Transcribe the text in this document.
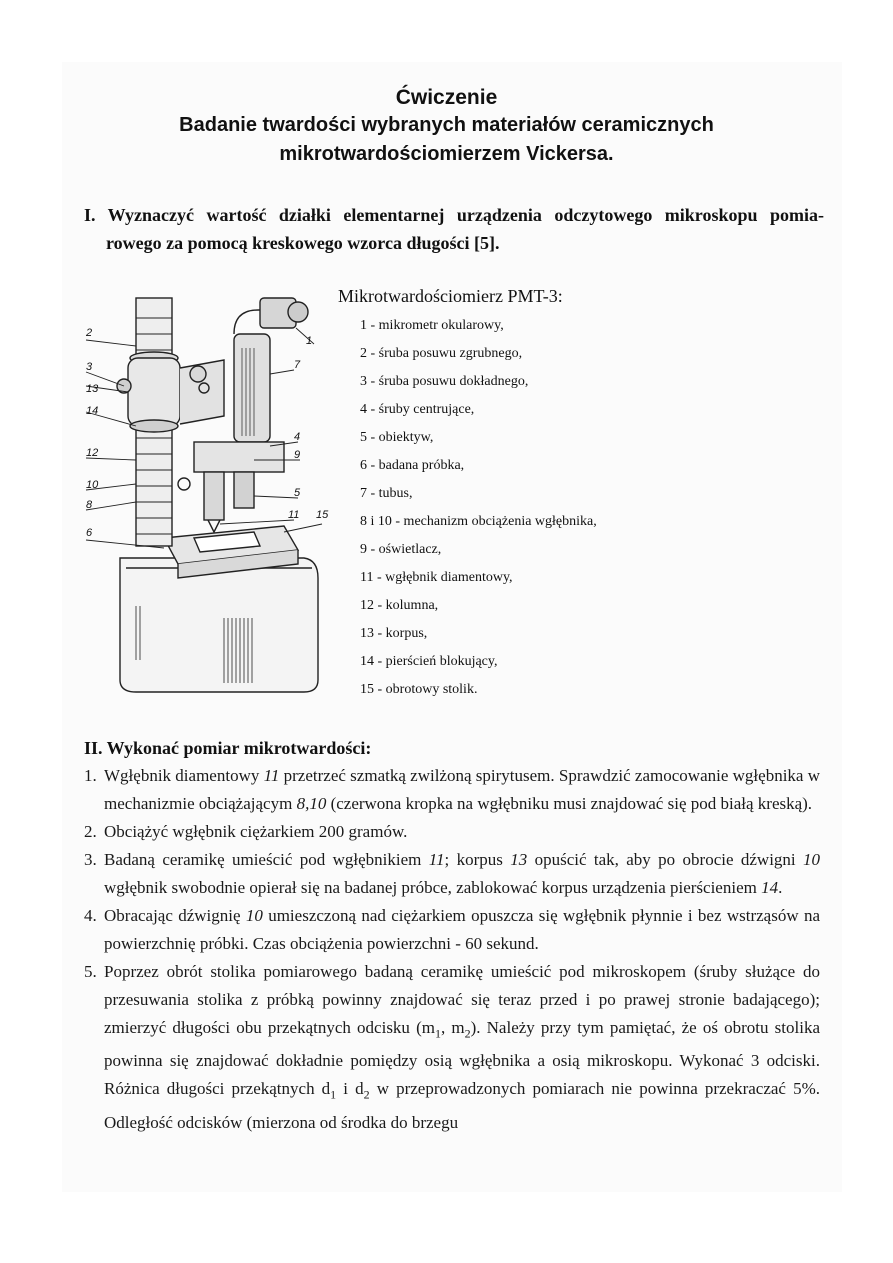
Ćwiczenie
Badanie twardości wybranych materiałów ceramicznych
mikrotwardościomierzem Vickersa.
I. Wyznaczyć wartość działki elementarnej urządzenia odczytowego mikroskopu pomia-
rowego za pomocą kreskowego wzorca długości [5].
2
1
3	7
13
14
4
12	9
10
8
5
11 15
6
Mikrotwardościomierz PMT-3:
1 - mikrometr okularowy,
2 - śruba posuwu zgrubnego,
3 - śruba posuwu dokładnego,
4 - śruby centrujące,
5 - obiektyw,
6 - badana próbka,
7 - tubus,
8 i 10 - mechanizm obciążenia wgłębnika,
9 - oświetlacz,
11 - wgłębnik diamentowy,
12 - kolumna,
13 - korpus,
14 - pierścień blokujący,
15 - obrotowy stolik.
II. Wykonać pomiar mikrotwardości:
1. Wgłębnik diamentowy 11 przetrzeć szmatką zwilżoną spirytusem. Sprawdzić zamocowanie wgłębnika w mechanizmie obciążającym 8,10 (czerwona kropka na wgłębniku musi znajdować się pod białą kreską).
2. Obciążyć wgłębnik ciężarkiem 200 gramów.
3. Badaną ceramikę umieścić pod wgłębnikiem 11; korpus 13 opuścić tak, aby po obrocie dźwigni 10 wgłębnik swobodnie opierał się na badanej próbce, zablokować korpus urządzenia pierścieniem 14.
4. Obracając dźwignię 10 umieszczoną nad ciężarkiem opuszcza się wgłębnik płynnie i bez wstrząsów na powierzchnię próbki. Czas obciążenia powierzchni - 60 sekund.
5. Poprzez obrót stolika pomiarowego badaną ceramikę umieścić pod mikroskopem (śruby służące do przesuwania stolika z próbką powinny znajdować się teraz przed i po prawej stronie badającego); zmierzyć długości obu przekątnych odcisku ($m_1$, $m_2$). Należy przy tym pamiętać, że oś obrotu stolika powinna się znajdować dokładnie pomiędzy osią wgłębnika a osią mikroskopu. Wykonać 3 odciski. Różnica długości przekątnych $d_1$ i $d_2$ w przeprowadzonych pomiarach nie powinna przekraczać 5%. Odległość odcisków (mierzona od środka do brzegu
